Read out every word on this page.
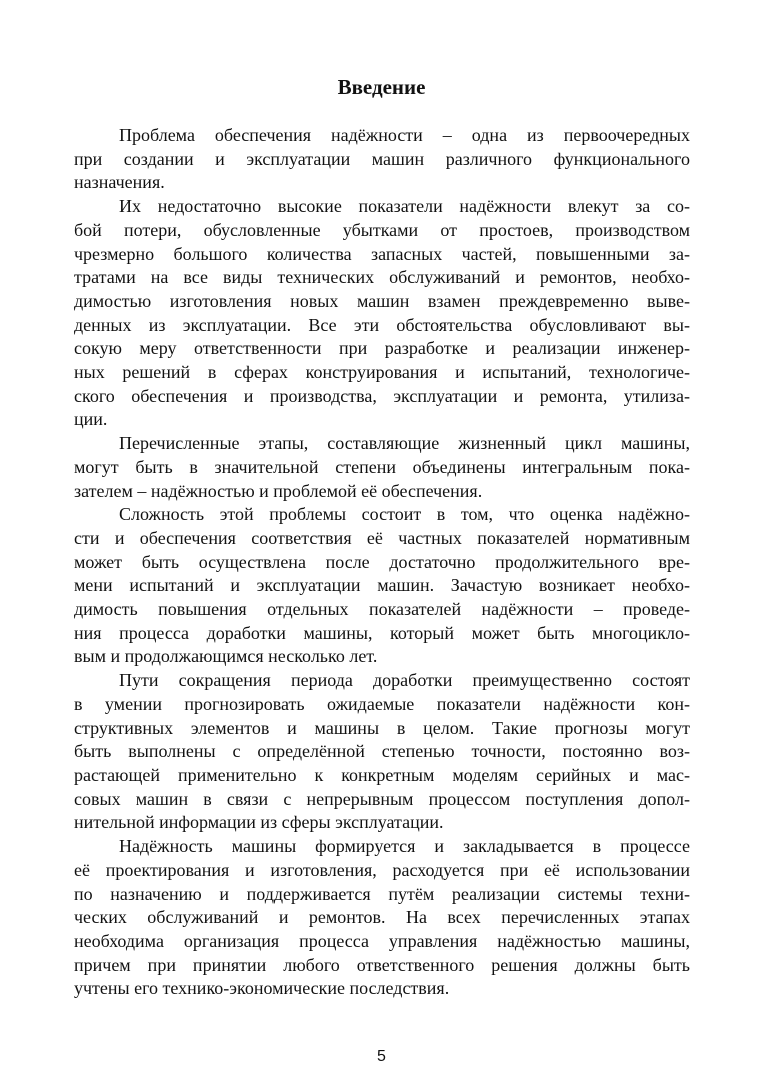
Введение

Проблема обеспечения надёжности – одна из первоочередных
при создании и эксплуатации машин различного функционального
назначения.

Их недостаточно высокие показатели надёжности влекут за со-
бой потери, обусловленные убытками от простоев, производством
чрезмерно большого количества запасных частей, повышенными за-
тратами на все виды технических обслуживаний и ремонтов, необхо-
димостью изготовления новых машин взамен преждевременно выве-
денных из эксплуатации. Все эти обстоятельства обусловливают вы-
сокую меру ответственности при разработке и реализации инженер-
ных решений в сферах конструирования и испытаний, технологиче-
ского обеспечения и производства, эксплуатации и ремонта, утилиза-
ции.

Перечисленные этапы, составляющие жизненный цикл машины,
могут быть в значительной степени объединены интегральным пока-
зателем – надёжностью и проблемой её обеспечения.

Сложность этой проблемы состоит в том, что оценка надёжно-
сти и обеспечения соответствия её частных показателей нормативным
может быть осуществлена после достаточно продолжительного вре-
мени испытаний и эксплуатации машин. Зачастую возникает необхо-
димость повышения отдельных показателей надёжности – проведе-
ния процесса доработки машины, который может быть многоцикло-
вым и продолжающимся несколько лет.

Пути сокращения периода доработки преимущественно состоят
в умении прогнозировать ожидаемые показатели надёжности кон-
структивных элементов и машины в целом. Такие прогнозы могут
быть выполнены с определённой степенью точности, постоянно воз-
растающей применительно к конкретным моделям серийных и мас-
совых машин в связи с непрерывным процессом поступления допол-
нительной информации из сферы эксплуатации.

Надёжность машины формируется и закладывается в процессе
её проектирования и изготовления, расходуется при её использовании
по назначению и поддерживается путём реализации системы техни-
ческих обслуживаний и ремонтов. На всех перечисленных этапах
необходима организация процесса управления надёжностью машины,
причем при принятии любого ответственного решения должны быть
учтены его технико-экономические последствия.

5
